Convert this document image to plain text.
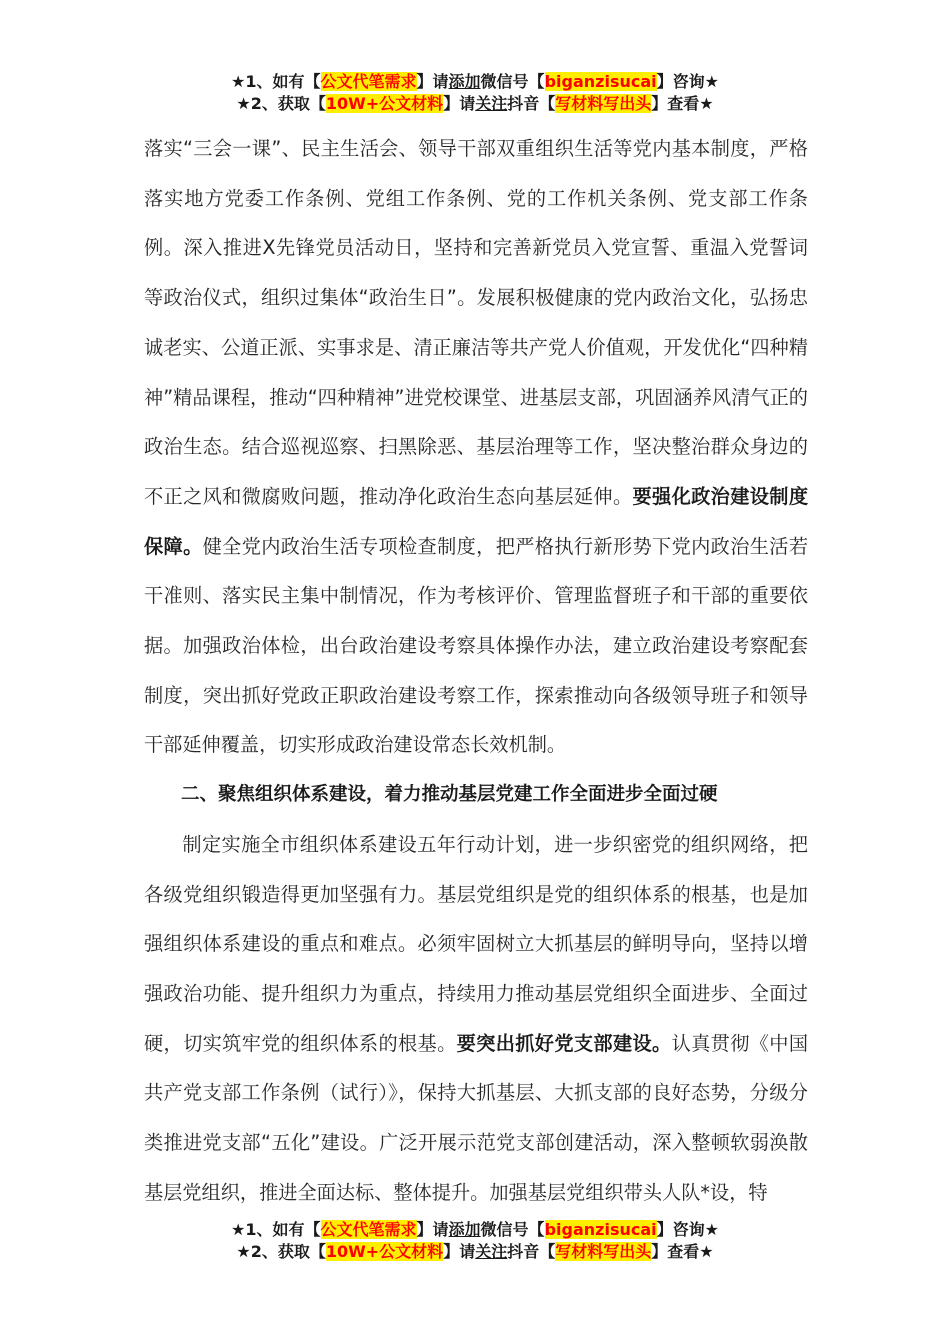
★1、如有【公文代笔需求】请添加微信号【biganzisucai】咨询★
★2、获取【10W+公文材料】请关注抖音【写材料写出头】查看★

落实“三会一课”、民主生活会、领导干部双重组织生活等党内基本制度，严格落实地方党委工作条例、党组工作条例、党的工作机关条例、党支部工作条例。深入推进X先锋党员活动日，坚持和完善新党员入党宣誓、重温入党誓词等政治仪式，组织过集体“政治生日”。发展积极健康的党内政治文化，弘扬忠诚老实、公道正派、实事求是、清正廉洁等共产党人价值观，开发优化“四种精神”精品课程，推动“四种精神”进党校课堂、进基层支部，巩固涵养风清气正的政治生态。结合巡视巡察、扫黑除恶、基层治理等工作，坚决整治群众身边的不正之风和微腐败问题，推动净化政治生态向基层延伸。要强化政治建设制度保障。健全党内政治生活专项检查制度，把严格执行新形势下党内政治生活若干准则、落实民主集中制情况，作为考核评价、管理监督班子和干部的重要依据。加强政治体检，出台政治建设考察具体操作办法，建立政治建设考察配套制度，突出抓好党政正职政治建设考察工作，探索推动向各级领导班子和领导干部延伸覆盖，切实形成政治建设常态长效机制。

二、聚焦组织体系建设，着力推动基层党建工作全面进步全面过硬

制定实施全市组织体系建设五年行动计划，进一步织密党的组织网络，把各级党组织锻造得更加坚强有力。基层党组织是党的组织体系的根基，也是加强组织体系建设的重点和难点。必须牢固树立大抓基层的鲜明导向，坚持以增强政治功能、提升组织力为重点，持续用力推动基层党组织全面进步、全面过硬，切实筑牢党的组织体系的根基。要突出抓好党支部建设。认真贯彻《中国共产党支部工作条例（试行）》，保持大抓基层、大抓支部的良好态势，分级分类推进党支部“五化”建设。广泛开展示范党支部创建活动，深入整顿软弱涣散基层党组织，推进全面达标、整体提升。加强基层党组织带头人队*设，特

★1、如有【公文代笔需求】请添加微信号【biganzisucai】咨询★
★2、获取【10W+公文材料】请关注抖音【写材料写出头】查看★
